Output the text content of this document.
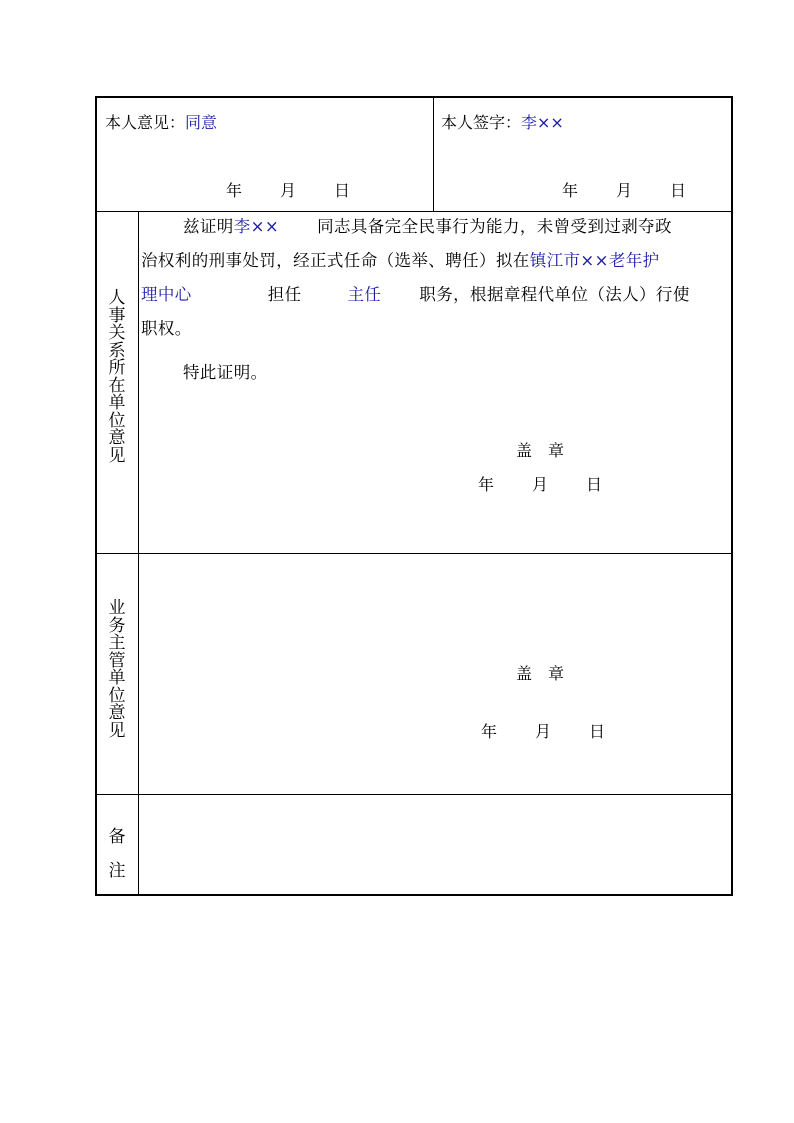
本人意见：同意
年 月 日
本人签字：李××
年 月 日
人事关系所在单位意见
兹证明李×× 同志具备完全民事行为能力，未曾受到过剥夺政
治权利的刑事处罚，经正式任命（选举、聘任）拟在镇江市××老年护
理中心	担任	主任 职务，根据章程代单位（法人）行使
职权。
特此证明。
盖　章
年 月 日
业务主管单位意见
盖　章
年 月 日
备注
